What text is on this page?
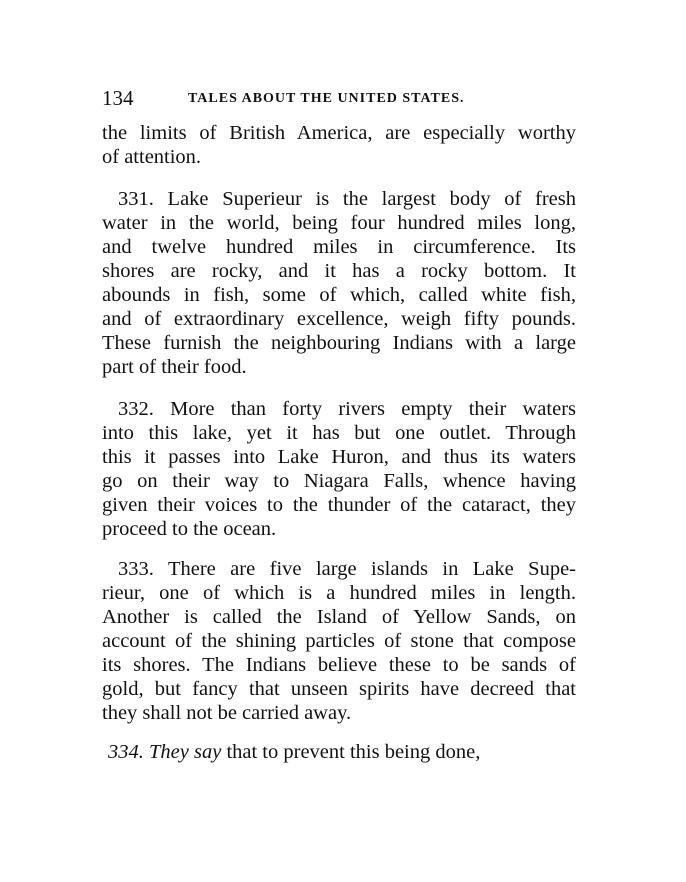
134	TALES ABOUT THE UNITED STATES.
the limits of British America, are especially worthy
of attention.
331. Lake Superieur is the largest body of fresh
water in the world, being four hundred miles long,
and twelve hundred miles in circumference. Its
shores are rocky, and it has a rocky bottom. It
abounds in fish, some of which, called white fish,
and of extraordinary excellence, weigh fifty pounds.
These furnish the neighbouring Indians with a large
part of their food.
332. More than forty rivers empty their waters
into this lake, yet it has but one outlet. Through
this it passes into Lake Huron, and thus its waters
go on their way to Niagara Falls, whence having
given their voices to the thunder of the cataract, they
proceed to the ocean.
333. There are five large islands in Lake Supe-
rieur, one of which is a hundred miles in length.
Another is called the Island of Yellow Sands, on
account of the shining particles of stone that compose
its shores. The Indians believe these to be sands of
gold, but fancy that unseen spirits have decreed that
they shall not be carried away.
334. They say that to prevent this being done,
